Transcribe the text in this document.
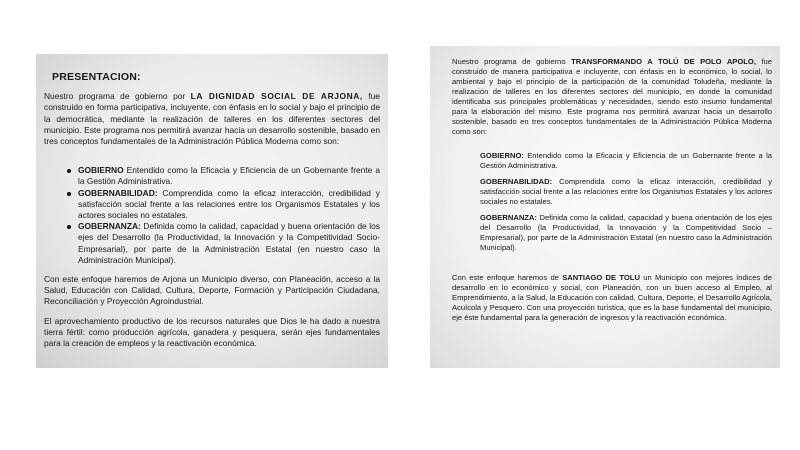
PRESENTACION:

Nuestro programa de gobierno por LA DIGNIDAD SOCIAL DE ARJONA, fue construido en forma participativa, incluyente, con énfasis en lo social y bajo el principio de la democrática, mediante la realización de talleres en los diferentes sectores del municipio. Este programa nos permitirá avanzar hacia un desarrollo sostenible, basado en tres conceptos fundamentales de la Administración Pública Moderna como son:

GOBIERNO Entendido como la Eficacia y Eficiencia de un Gobernante frente a la Gestión Administrativa.

GOBERNABILIDAD: Comprendida como la eficaz interacción, credibilidad y satisfacción social frente a las relaciones entre los Organismos Estatales y los actores sociales no estatales.

GOBERNANZA: Definida como la calidad, capacidad y buena orientación de los ejes del Desarrollo (la Productividad, la Innovación y la Competitividad Socio-Empresarial), por parte de la Administración Estatal (en nuestro caso la Administración Municipal).

Con este enfoque haremos de Arjona un Municipio diverso, con Planeación, acceso a la Salud, Educación con Calidad, Cultura, Deporte, Formación y Participación Ciudadana, Reconciliación y Proyección Agroindustrial.

El aprovechamiento productivo de los recursos naturales que Dios le ha dado a nuestra tierra fértil: como producción agrícola, ganadera y pesquera, serán ejes fundamentales para la creación de empleos y la reactivación económica.

Nuestro programa de gobierno TRANSFORMANDO A TOLÚ DE POLO APOLO, fue construido de manera participativa e incluyente, con énfasis en lo económico, lo social, lo ambiental y bajo el principio de la participación de la comunidad Toludeña, mediante la realización de talleres en los diferentes sectores del municipio, en donde la comunidad identificaba sus principales problemáticas y necesidades, siendo esto insumo fundamental para la elaboración del mismo. Este programa nos permitirá avanzar hacia un desarrollo sostenible, basado en tres conceptos fundamentales de la Administración Pública Moderna como son:

GOBIERNO: Entendido como la Eficacia y Eficiencia de un Gobernante frente a la Gestión Administrativa.

GOBERNABILIDAD: Comprendida como la eficaz interacción, credibilidad y satisfacción social frente a las relaciones entre los Organismos Estatales y los actores sociales no estatales.

GOBERNANZA: Definida como la calidad, capacidad y buena orientación de los ejes del Desarrollo (la Productividad, la Innovación y la Competitividad Socio – Empresarial), por parte de la Administración Estatal (en nuestro caso la Administración Municipal).

Con este enfoque haremos de SANTIAGO DE TOLU un Municipio con mejores índices de desarrollo en lo económico y social, con Planeación, con un buen acceso al Empleo, al Emprendimiento, a la Salud, la Educación con calidad, Cultura, Deporte, el Desarrollo Agrícola, Acuícola y Pesquero. Con una proyección turística, que es la base fundamental del municipio, eje éste fundamental para la generación de ingresos y la reactivación económica.
